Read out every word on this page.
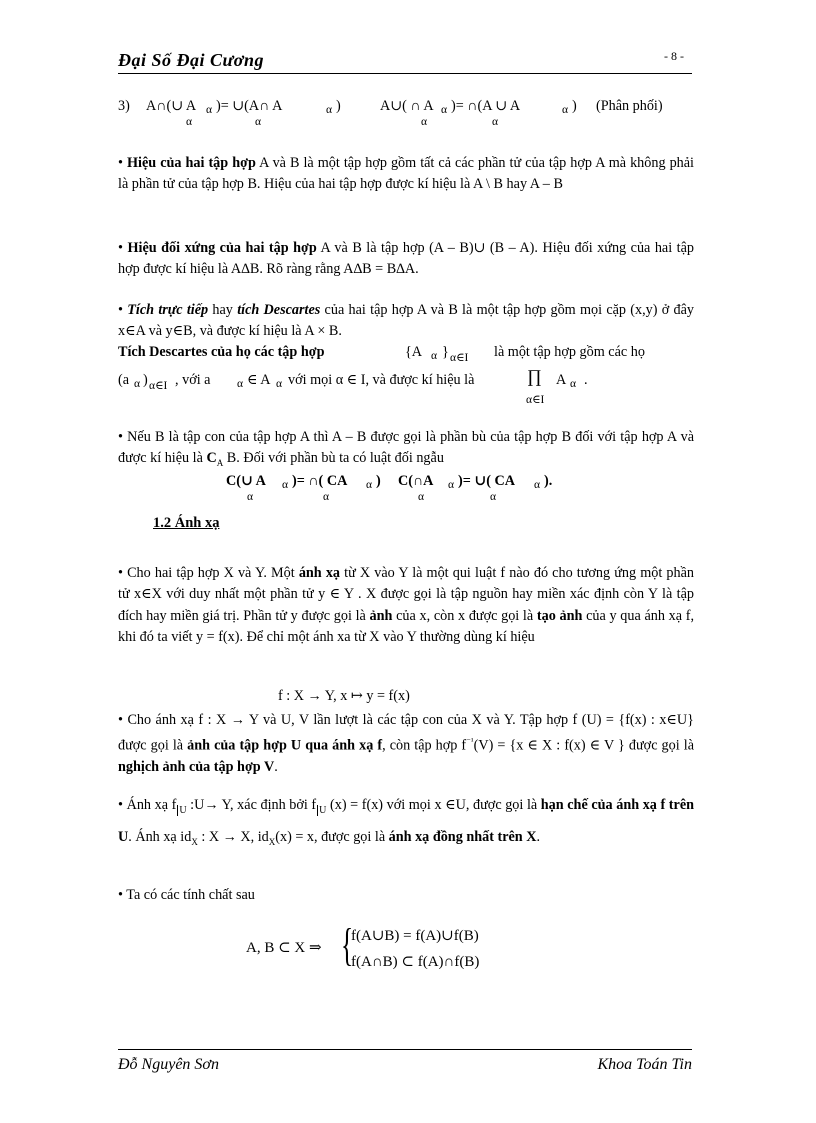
Đại Số Đại Cương	- 8 -
3) A∩(∪ A α )= ∪(A∩ A	α )
α	α
A∪( ∩ A α )= ∩(A ∪ A	α )
α	α
(Phân phối)
• Hiệu của hai tập hợp A và B là một tập hợp gồm tất cả các phần tử của tập hợp A mà không phải là phần tử của tập hợp B. Hiệu của hai tập hợp được kí hiệu là A \ B hay A – B
• Hiệu đối xứng của hai tập hợp A và B là tập hợp (A – B)∪ (B – A). Hiệu đối xứng của hai tập hợp được kí hiệu là A∆B. Rõ ràng rằng A∆B = B∆A.
• Tích trực tiếp hay tích Descartes của hai tập hợp A và B là một tập hợp gồm mọi cặp (x,y) ở đây x∈A và y∈B, và được kí hiệu là A × B.
Tích Descartes của họ các tập hợp	{A α } α∈I là một tập hợp gồm các họ
(a α ) α∈I , với a α ∈ A α với mọi α ∈ I, và được kí hiệu là	∏
α∈I
A α .
• Nếu B là tập con của tập hợp A thì A – B được gọi là phần bù của tập hợp B đối với tập hợp A và được kí hiệu là $C_A$ B. Đối với phần bù ta có luật đối ngẫu
C(∪ A α )= ∩( CA α )
α	α
C(∩A α )= ∪( CA α ).
α	α
1.2 Ánh xạ
• Cho hai tập hợp X và Y. Một ánh xạ từ X vào Y là một qui luật f nào đó cho tương ứng một phần tử x∈X với duy nhất một phần tử y ∈ Y . X được gọi là tập nguồn hay miền xác định còn Y là tập đích hay miền giá trị. Phần tử y được gọi là ảnh của x, còn x được gọi là tạo ảnh của y qua ánh xạ f, khi đó ta viết y = f(x). Để chỉ một ánh xa từ X vào Y thường dùng kí hiệu
f : X → Y, x ↦ y = f(x)
• Cho ánh xạ f : X → Y và U, V lần lượt là các tập con của X và Y. Tập hợp f (U) = {f(x) : x∈U} được gọi là ảnh của tập hợp U qua ánh xạ f, còn tập hợp $f^{^{-1}}(V) = \{x$ ∈ X : f(x) ∈ V } được gọi là nghịch ảnh của tập hợp V.
• Ánh xạ f $_U$ :U→ Y, xác định bởi f $_U$ (x) = f(x) với mọi x ∈U, được gọi là hạn chế của ánh xạ f trên U. Ánh xạ $id_X$ : X → X, $id_X(x) = x$, được gọi là ánh xạ đồng nhất trên X.
• Ta có các tính chất sau
A, B ⊂ X ⇒ {
f(A∪B) = f(A)∪f(B)
f(A∩B) ⊂ f(A)∩f(B)
Đỗ Nguyên Sơn	Khoa Toán Tin
